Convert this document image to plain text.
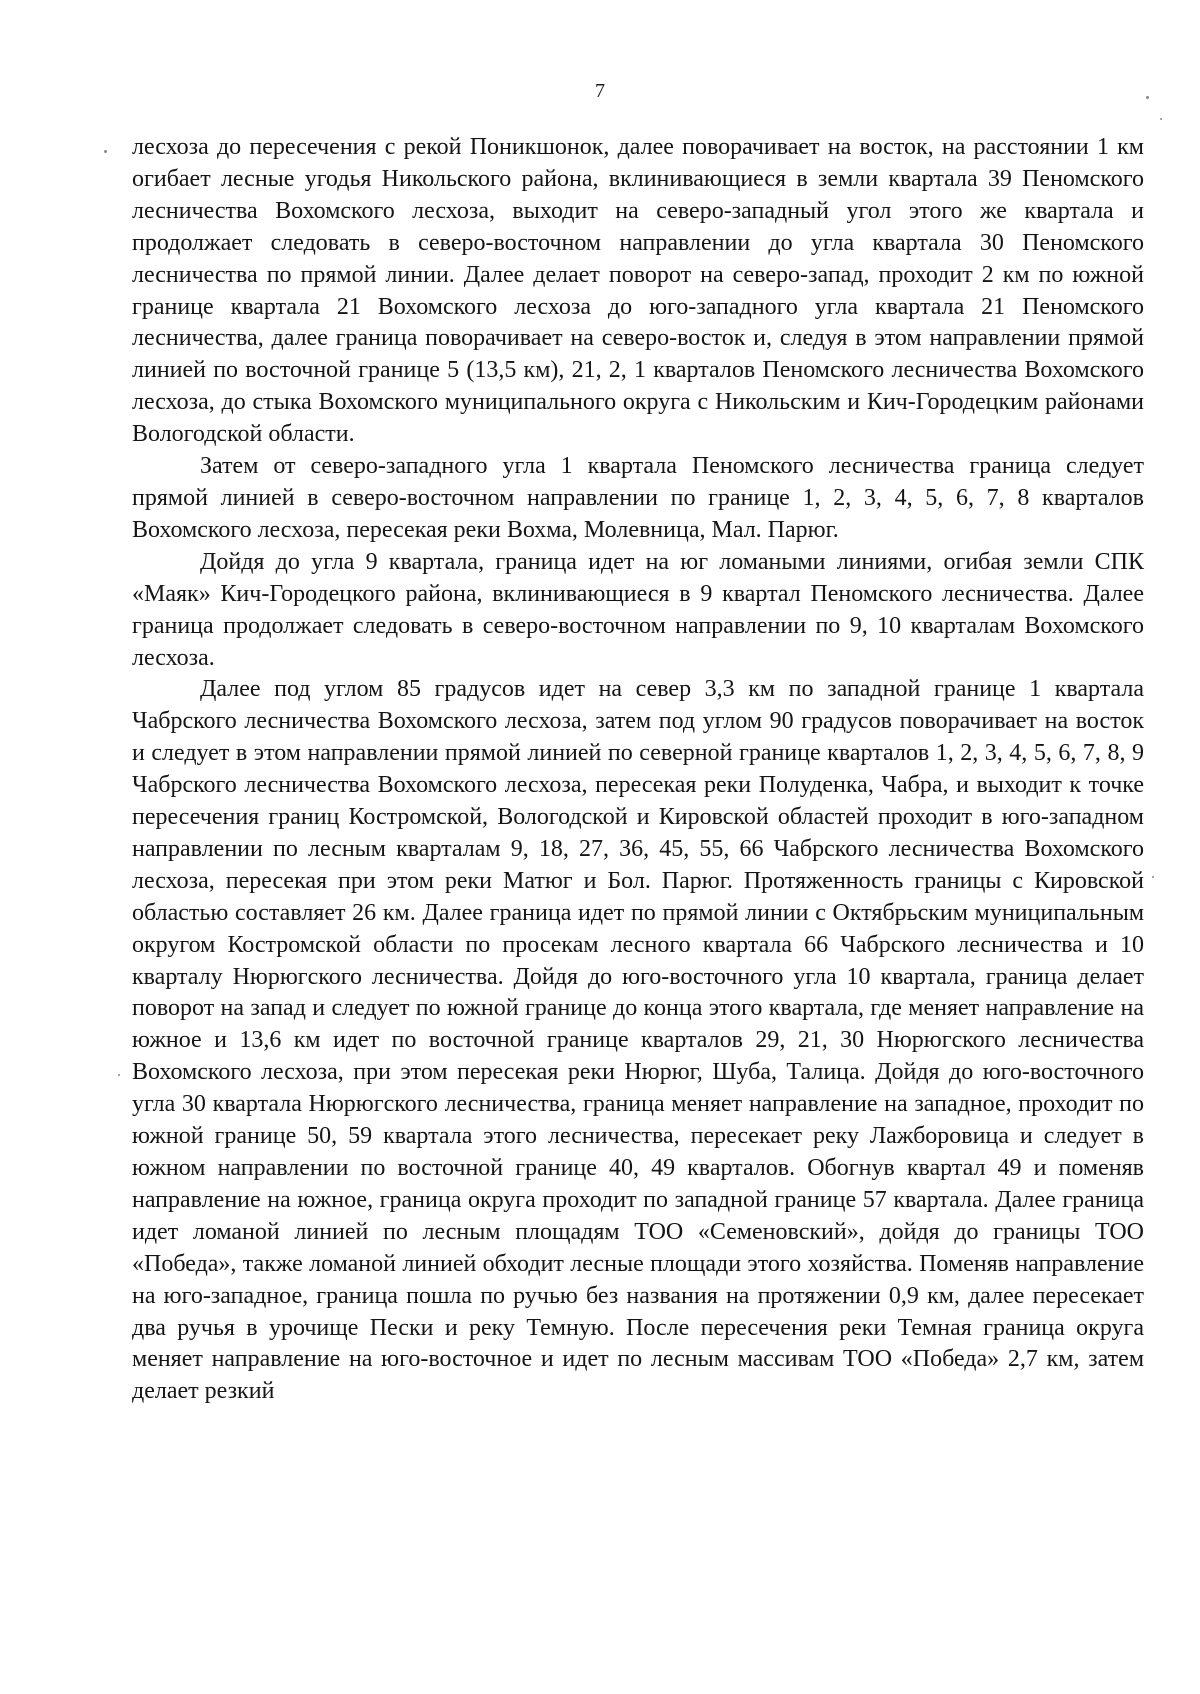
7

лесхоза до пересечения с рекой Поникшонок, далее поворачивает на восток, на расстоянии 1 км огибает лесные угодья Никольского района, вклинивающиеся в земли квартала 39 Пеномского лесничества Вохомского лесхоза, выходит на северо-западный угол этого же квартала и продолжает следовать в северо-восточном направлении до угла квартала 30 Пеномского лесничества по прямой линии. Далее делает поворот на северо-запад, проходит 2 км по южной границе квартала 21 Вохомского лесхоза до юго-западного угла квартала 21 Пеномского лесничества, далее граница поворачивает на северо-восток и, следуя в этом направлении прямой линией по восточной границе 5 (13,5 км), 21, 2, 1 кварталов Пеномского лесничества Вохомского лесхоза, до стыка Вохомского муниципального округа с Никольским и Кич-Городецким районами Вологодской области.

Затем от северо-западного угла 1 квартала Пеномского лесничества граница следует прямой линией в северо-восточном направлении по границе 1, 2, 3, 4, 5, 6, 7, 8 кварталов Вохомского лесхоза, пересекая реки Вохма, Молевница, Мал. Парюг.

Дойдя до угла 9 квартала, граница идет на юг ломаными линиями, огибая земли СПК «Маяк» Кич-Городецкого района, вклинивающиеся в 9 квартал Пеномского лесничества. Далее граница продолжает следовать в северо-восточном направлении по 9, 10 кварталам Вохомского лесхоза.

Далее под углом 85 градусов идет на север 3,3 км по западной границе 1 квартала Чабрского лесничества Вохомского лесхоза, затем под углом 90 градусов поворачивает на восток и следует в этом направлении прямой линией по северной границе кварталов 1, 2, 3, 4, 5, 6, 7, 8, 9 Чабрского лесничества Вохомского лесхоза, пересекая реки Полуденка, Чабра, и выходит к точке пересечения границ Костромской, Вологодской и Кировской областей проходит в юго-западном направлении по лесным кварталам 9, 18, 27, 36, 45, 55, 66 Чабрского лесничества Вохомского лесхоза, пересекая при этом реки Матюг и Бол. Парюг. Протяженность границы с Кировской областью составляет 26 км. Далее граница идет по прямой линии с Октябрьским муниципальным округом Костромской области по просекам лесного квартала 66 Чабрского лесничества и 10 кварталу Нюрюгского лесничества. Дойдя до юго-восточного угла 10 квартала, граница делает поворот на запад и следует по южной границе до конца этого квартала, где меняет направление на южное и 13,6 км идет по восточной границе кварталов 29, 21, 30 Нюрюгского лесничества Вохомского лесхоза, при этом пересекая реки Нюрюг, Шуба, Талица. Дойдя до юго-восточного угла 30 квартала Нюрюгского лесничества, граница меняет направление на западное, проходит по южной границе 50, 59 квартала этого лесничества, пересекает реку Лажборовица и следует в южном направлении по восточной границе 40, 49 кварталов. Обогнув квартал 49 и поменяв направление на южное, граница округа проходит по западной границе 57 квартала. Далее граница идет ломаной линией по лесным площадям ТОО «Семеновский», дойдя до границы ТОО «Победа», также ломаной линией обходит лесные площади этого хозяйства. Поменяв направление на юго-западное, граница пошла по ручью без названия на протяжении 0,9 км, далее пересекает два ручья в урочище Пески и реку Темную. После пересечения реки Темная граница округа меняет направление на юго-восточное и идет по лесным массивам ТОО «Победа» 2,7 км, затем делает резкий
